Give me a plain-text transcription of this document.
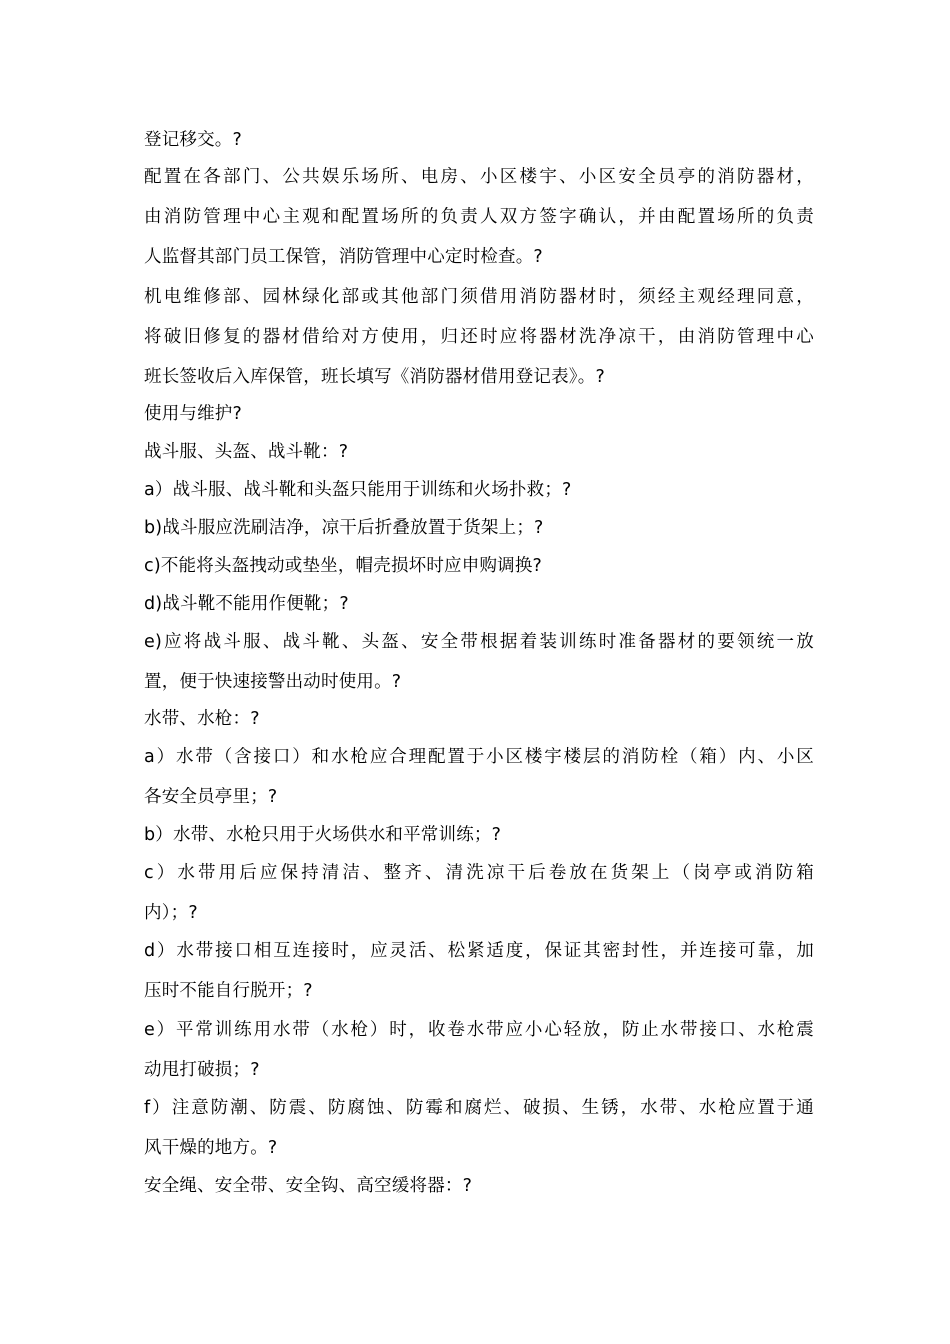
登记移交。?
配置在各部门、公共娱乐场所、电房、小区楼宇、小区安全员亭的消防器材，
由消防管理中心主观和配置场所的负责人双方签字确认，并由配置场所的负责
人监督其部门员工保管，消防管理中心定时检查。?
机电维修部、园林绿化部或其他部门须借用消防器材时，须经主观经理同意，
将破旧修复的器材借给对方使用，归还时应将器材洗净凉干，由消防管理中心
班长签收后入库保管，班长填写《消防器材借用登记表》。?
使用与维护?
战斗服、头盔、战斗靴：?
a）战斗服、战斗靴和头盔只能用于训练和火场扑救；?
b)战斗服应洗刷洁净，凉干后折叠放置于货架上；?
c)不能将头盔拽动或垫坐，帽壳损坏时应申购调换?
d)战斗靴不能用作便靴；?
e)应将战斗服、战斗靴、头盔、安全带根据着装训练时准备器材的要领统一放
置，便于快速接警出动时使用。?
水带、水枪：?
a）水带（含接口）和水枪应合理配置于小区楼宇楼层的消防栓（箱）内、小区
各安全员亭里；?
b）水带、水枪只用于火场供水和平常训练；?
c）水带用后应保持清洁、整齐、清洗凉干后卷放在货架上（岗亭或消防箱
内）；?
d）水带接口相互连接时，应灵活、松紧适度，保证其密封性，并连接可靠，加
压时不能自行脱开；?
e）平常训练用水带（水枪）时，收卷水带应小心轻放，防止水带接口、水枪震
动甩打破损；?
f）注意防潮、防震、防腐蚀、防霉和腐烂、破损、生锈，水带、水枪应置于通
风干燥的地方。?
安全绳、安全带、安全钩、高空缓将器：?
